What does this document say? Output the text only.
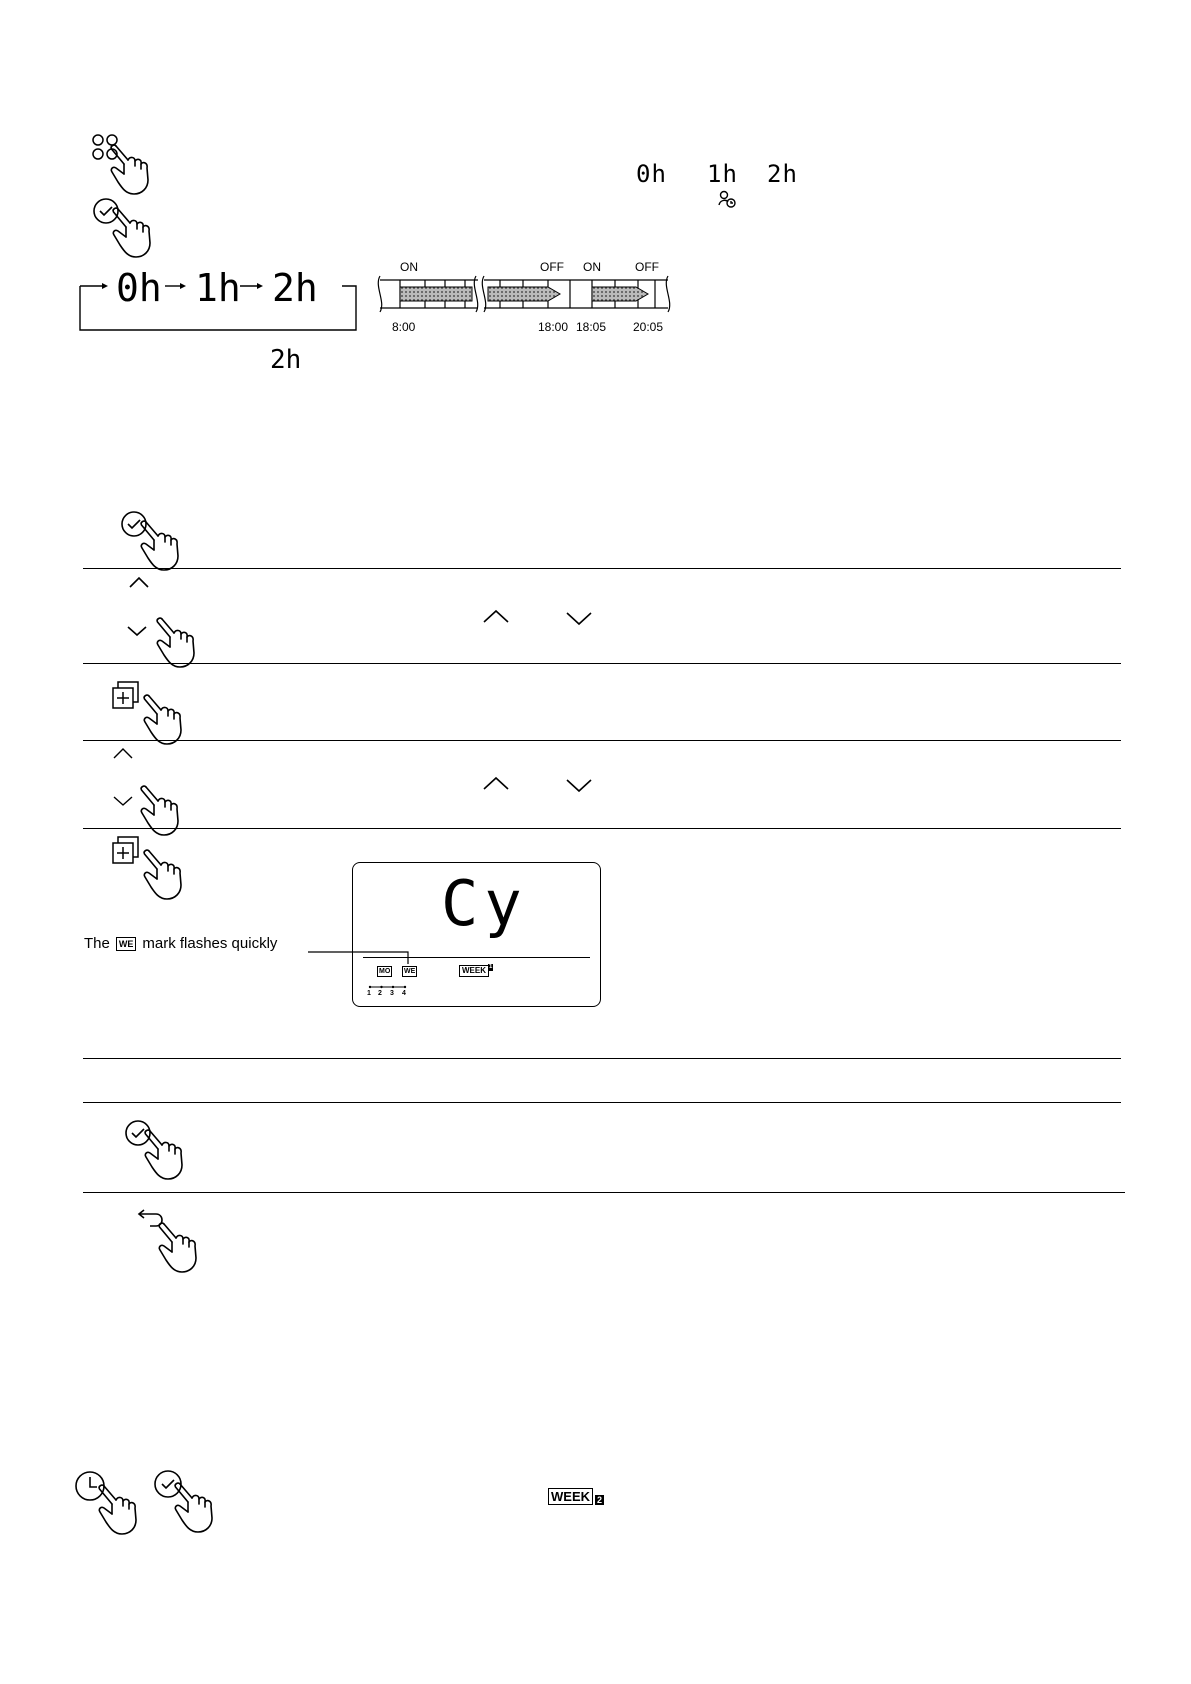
0h 1h 2h
0h 1h 2h
2h
ON	OFF ON	OFF
8:00	18:00 18:05 20:05
The	WE mark flashes quickly
Cy
MO WE	WEEK 1
1 2 3 4
WEEK 2
